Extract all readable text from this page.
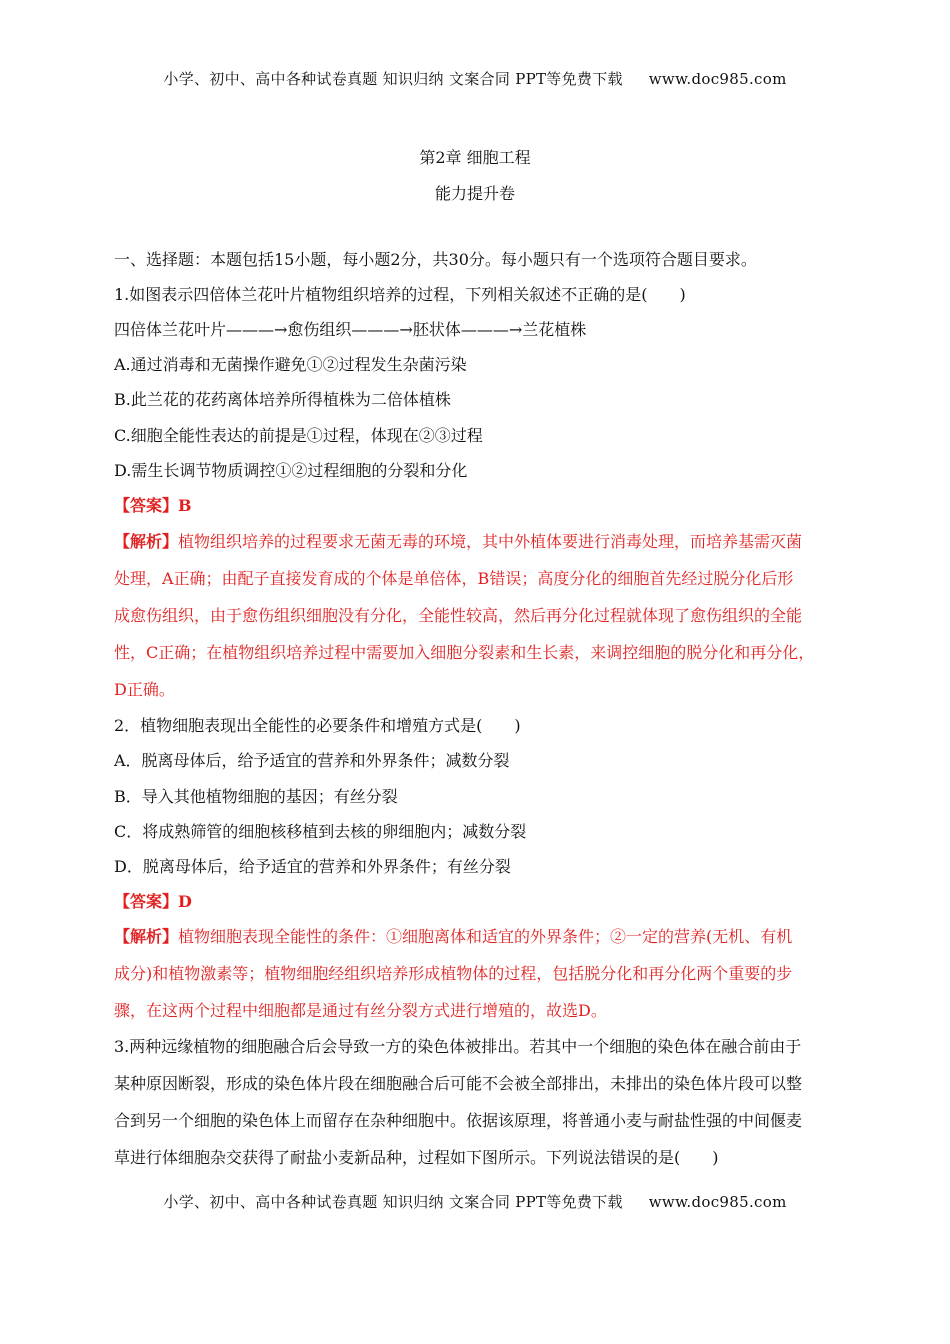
小学、初中、高中各种试卷真题 知识归纳 文案合同 PPT等免费下载 www.doc985.com
第2章 细胞工程
能力提升卷
一、选择题：本题包括15小题，每小题2分，共30分。每小题只有一个选项符合题目要求。
1.如图表示四倍体兰花叶片植物组织培养的过程，下列相关叙述不正确的是(　　)
四倍体兰花叶片———→愈伤组织———→胚状体———→兰花植株
A.通过消毒和无菌操作避免①②过程发生杂菌污染
B.此兰花的花药离体培养所得植株为二倍体植株
C.细胞全能性表达的前提是①过程，体现在②③过程
D.需生长调节物质调控①②过程细胞的分裂和分化
【答案】B
【解析】植物组织培养的过程要求无菌无毒的环境，其中外植体要进行消毒处理，而培养基需灭菌
处理，A正确；由配子直接发育成的个体是单倍体，B错误；高度分化的细胞首先经过脱分化后形
成愈伤组织，由于愈伤组织细胞没有分化，全能性较高，然后再分化过程就体现了愈伤组织的全能
性，C正确；在植物组织培养过程中需要加入细胞分裂素和生长素，来调控细胞的脱分化和再分化，
D正确。
2．植物细胞表现出全能性的必要条件和增殖方式是(　　)
A．脱离母体后，给予适宜的营养和外界条件；减数分裂
B．导入其他植物细胞的基因；有丝分裂
C．将成熟筛管的细胞核移植到去核的卵细胞内；减数分裂
D．脱离母体后，给予适宜的营养和外界条件；有丝分裂
【答案】D
【解析】植物细胞表现全能性的条件：①细胞离体和适宜的外界条件；②一定的营养(无机、有机
成分)和植物激素等；植物细胞经组织培养形成植物体的过程，包括脱分化和再分化两个重要的步
骤，在这两个过程中细胞都是通过有丝分裂方式进行增殖的，故选D。
3.两种远缘植物的细胞融合后会导致一方的染色体被排出。若其中一个细胞的染色体在融合前由于
某种原因断裂，形成的染色体片段在细胞融合后可能不会被全部排出，未排出的染色体片段可以整
合到另一个细胞的染色体上而留存在杂种细胞中。依据该原理，将普通小麦与耐盐性强的中间偃麦
草进行体细胞杂交获得了耐盐小麦新品种，过程如下图所示。下列说法错误的是(　　)
小学、初中、高中各种试卷真题 知识归纳 文案合同 PPT等免费下载 www.doc985.com
